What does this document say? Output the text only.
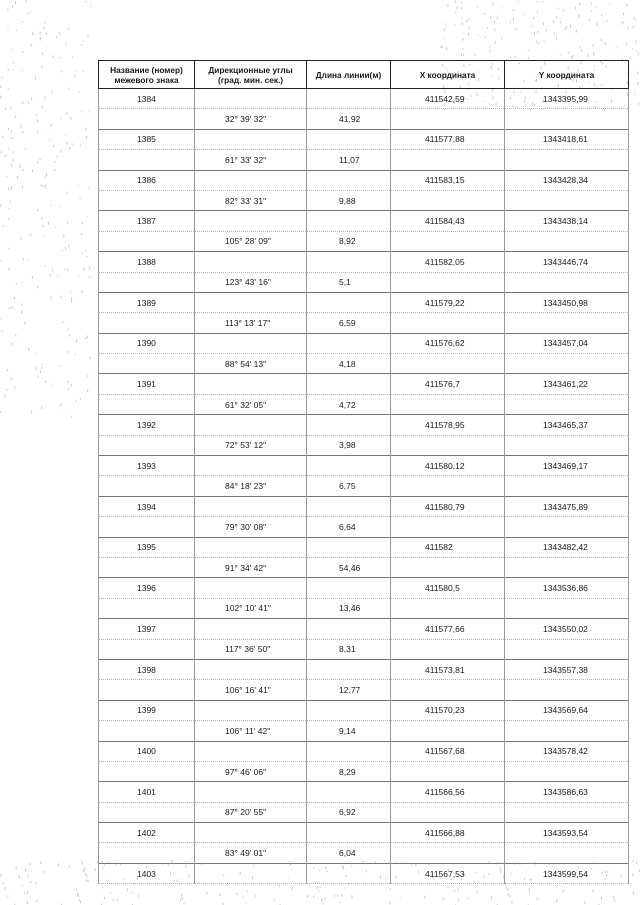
Название (номер)
межевого знака	Дирекционные углы
(град. мин. сек.)	Длина линии(м)	X координата	Y координата
1384			411542,59	1343395,99
	32° 39' 32"	41,92		
1385			411577,88	1343418,61
	61° 33' 32"	11,07		
1386			411583,15	1343428,34
	82° 33' 31"	9,88		
1387			411584,43	1343438,14
	105° 28' 09"	8,92		
1388			411582,05	1343446,74
	123° 43' 16"	5,1		
1389			411579,22	1343450,98
	113° 13' 17"	6,59		
1390			411576,62	1343457,04
	88° 54' 13"	4,18		
1391			411576,7	1343461,22
	61° 32' 05"	4,72		
1392			411578,95	1343465,37
	72° 53' 12"	3,98		
1393			411580,12	1343469,17
	84° 18' 23"	6,75		
1394			411580,79	1343475,89
	79° 30' 08"	6,64		
1395			411582	1343482,42
	91° 34' 42"	54,46		
1396			411580,5	1343536,86
	102° 10' 41"	13,46		
1397			411577,66	1343550,02
	117° 36' 50"	8,31		
1398			411573,81	1343557,38
	106° 16' 41"	12,77		
1399			411570,23	1343569,64
	106° 11' 42"	9,14		
1400			411567,68	1343578,42
	97° 46' 06"	8,29		
1401			411566,56	1343586,63
	87° 20' 55"	6,92		
1402			411566,88	1343593,54
	83° 49' 01"	6,04		
1403			411567,53	1343599,54
